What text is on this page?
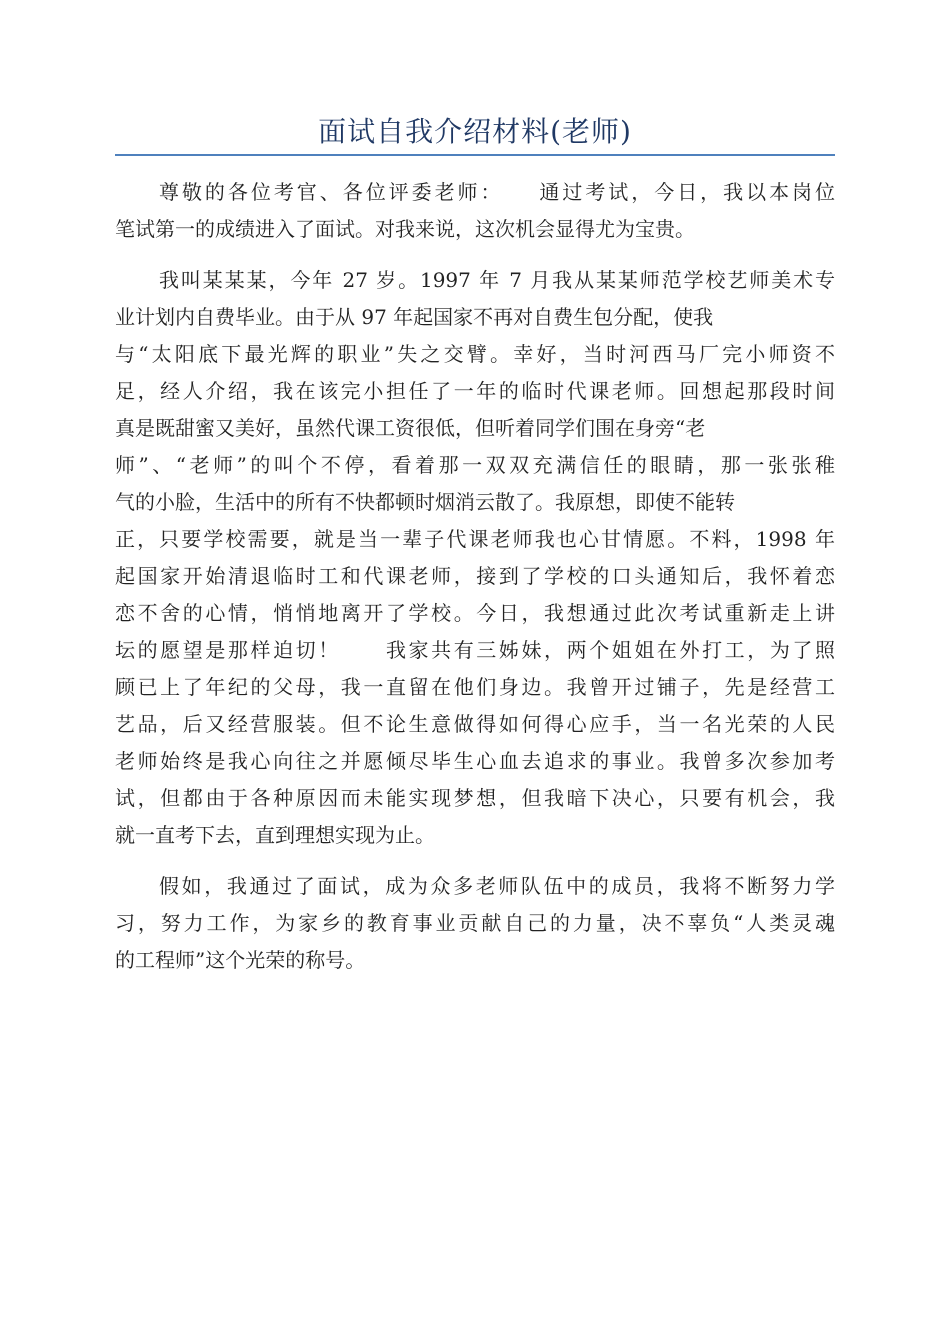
面试自我介绍材料(老师)
尊敬的各位考官、各位评委老师：　　通过考试，今日，我以本岗位
笔试第一的成绩进入了面试。对我来说，这次机会显得尤为宝贵。
我叫某某某，今年 27 岁。1997 年 7 月我从某某师范学校艺师美术专
业计划内自费毕业。由于从 97 年起国家不再对自费生包分配，使我
与“太阳底下最光辉的职业”失之交臂。幸好，当时河西马厂完小师资不
足，经人介绍，我在该完小担任了一年的临时代课老师。回想起那段时间
真是既甜蜜又美好，虽然代课工资很低，但听着同学们围在身旁“老
师”、“老师”的叫个不停，看着那一双双充满信任的眼睛，那一张张稚
气的小脸，生活中的所有不快都顿时烟消云散了。我原想，即使不能转
正，只要学校需要，就是当一辈子代课老师我也心甘情愿。不料，1998 年
起国家开始清退临时工和代课老师，接到了学校的口头通知后，我怀着恋
恋不舍的心情，悄悄地离开了学校。今日，我想通过此次考试重新走上讲
坛的愿望是那样迫切！　　我家共有三姊妹，两个姐姐在外打工，为了照
顾已上了年纪的父母，我一直留在他们身边。我曾开过铺子，先是经营工
艺品，后又经营服装。但不论生意做得如何得心应手，当一名光荣的人民
老师始终是我心向往之并愿倾尽毕生心血去追求的事业。我曾多次参加考
试，但都由于各种原因而未能实现梦想，但我暗下决心，只要有机会，我
就一直考下去，直到理想实现为止。
假如，我通过了面试，成为众多老师队伍中的成员，我将不断努力学
习，努力工作，为家乡的教育事业贡献自己的力量，决不辜负“人类灵魂
的工程师”这个光荣的称号。
